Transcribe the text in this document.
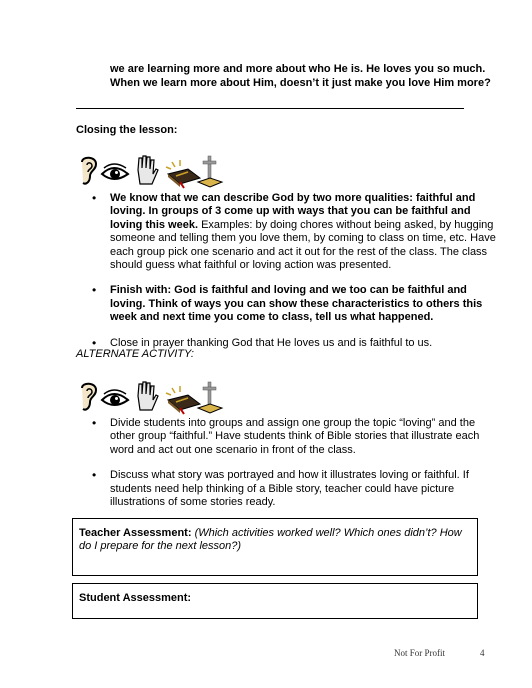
we are learning more and more about who He is. He loves you so much.
When we learn more about Him, doesn’t it just make you love Him more?
Closing the lesson:
• We know that we can describe God by two more qualities: faithful and loving. In groups of 3 come up with ways that you can be faithful and loving this week. Examples: by doing chores without being asked, by hugging someone and telling them you love them, by coming to class on time, etc. Have each group pick one scenario and act it out for the rest of the class. The class should guess what faithful or loving action was presented.
• Finish with: God is faithful and loving and we too can be faithful and loving. Think of ways you can show these characteristics to others this week and next time you come to class, tell us what happened.
• Close in prayer thanking God that He loves us and is faithful to us.
ALTERNATE ACTIVITY:
• Divide students into groups and assign one group the topic “loving” and the other group “faithful.” Have students think of Bible stories that illustrate each word and act out one scenario in front of the class.
• Discuss what story was portrayed and how it illustrates loving or faithful. If students need help thinking of a Bible story, teacher could have picture illustrations of some stories ready.
Teacher Assessment: (Which activities worked well? Which ones didn’t? How do I prepare for the next lesson?)
Student Assessment:
Not For Profit	4
